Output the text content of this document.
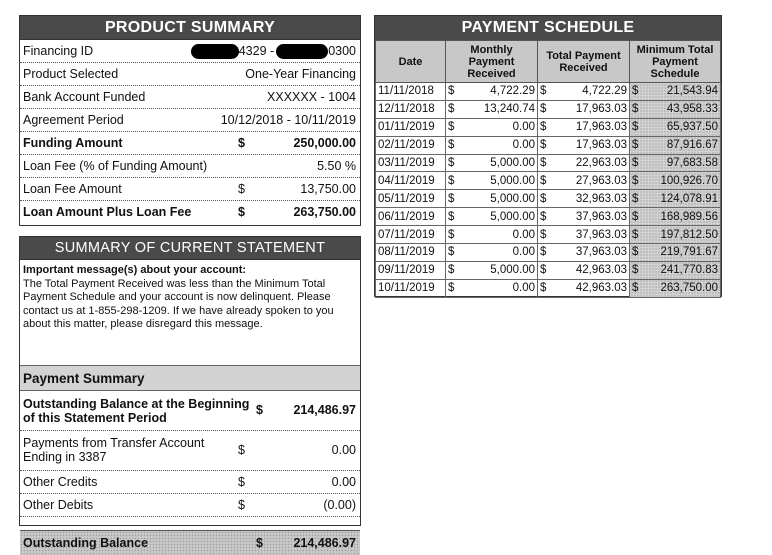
PRODUCT SUMMARY
Financing ID	4329 -	0300
Product Selected	One-Year Financing
Bank Account Funded	XXXXXX - 1004
Agreement Period	10/12/2018 - 10/11/2019
Funding Amount	$	250,000.00
Loan Fee (% of Funding Amount)	5.50 %
Loan Fee Amount	$	13,750.00
Loan Amount Plus Loan Fee	$	263,750.00
SUMMARY OF CURRENT STATEMENT
Important message(s) about your account:
The Total Payment Received was less than the Minimum Total Payment Schedule and your account is now delinquent. Please contact us at 1-855-298-1209. If we have already spoken to you about this matter, please disregard this message.
Payment Summary
Outstanding Balance at the Beginning of this Statement Period
$ 214,486.97
Payments from Transfer Account Ending in 3387	$	0.00
Other Credits	$	0.00
Other Debits	$	(0.00)
Outstanding Balance	$ 214,486.97
PAYMENT SCHEDULE
Date	Monthly Payment Received	Total Payment Received	Minimum Total Payment Schedule
11/11/2018	$ 4,722.29	$ 4,722.29	$ 21,543.94
12/11/2018	$ 13,240.74	$ 17,963.03	$ 43,958.33
01/11/2019	$ 0.00	$ 17,963.03	$ 65,937.50
02/11/2019	$ 0.00	$ 17,963.03	$ 87,916.67
03/11/2019	$ 5,000.00	$ 22,963.03	$ 97,683.58
04/11/2019	$ 5,000.00	$ 27,963.03	$ 100,926.70
05/11/2019	$ 5,000.00	$ 32,963.03	$ 124,078.91
06/11/2019	$ 5,000.00	$ 37,963.03	$ 168,989.56
07/11/2019	$ 0.00	$ 37,963.03	$ 197,812.50
08/11/2019	$ 0.00	$ 37,963.03	$ 219,791.67
09/11/2019	$ 5,000.00	$ 42,963.03	$ 241,770.83
10/11/2019	$ 0.00	$ 42,963.03	$ 263,750.00
